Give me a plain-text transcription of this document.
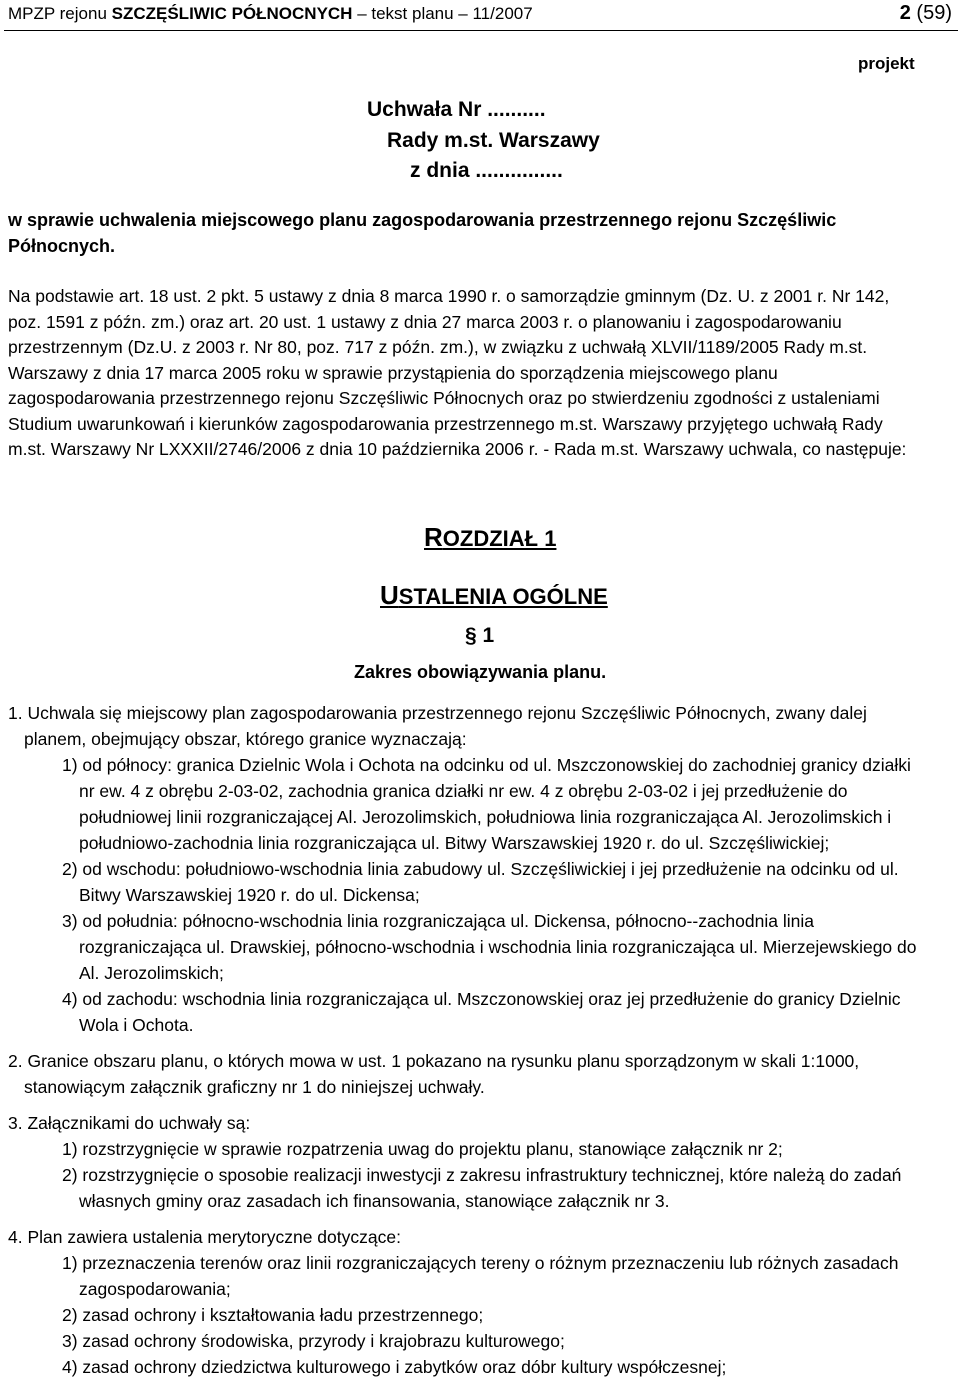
MPZP rejonu SZCZĘŚLIWIC PÓŁNOCNYCH – tekst planu – 11/2007	2 (59)
projekt
Uchwała Nr ..........
Rady m.st. Warszawy
z dnia ...............
w sprawie uchwalenia miejscowego planu zagospodarowania przestrzennego rejonu Szczęśliwic
Północnych.
Na podstawie art. 18 ust. 2 pkt. 5 ustawy z dnia 8 marca 1990 r. o samorządzie gminnym (Dz. U. z 2001 r. Nr 142,
poz. 1591 z późn. zm.) oraz art. 20 ust. 1 ustawy z dnia 27 marca 2003 r. o planowaniu i zagospodarowaniu
przestrzennym (Dz.U. z 2003 r. Nr 80, poz. 717 z późn. zm.), w związku z uchwałą XLVII/1189/2005 Rady m.st.
Warszawy z dnia 17 marca 2005 roku w sprawie przystąpienia do sporządzenia miejscowego planu
zagospodarowania przestrzennego rejonu Szczęśliwic Północnych oraz po stwierdzeniu zgodności z ustaleniami
Studium uwarunkowań i kierunków zagospodarowania przestrzennego m.st. Warszawy przyjętego uchwałą Rady
m.st. Warszawy Nr LXXXII/2746/2006 z dnia 10 października 2006 r. - Rada m.st. Warszawy uchwala, co następuje:
ROZDZIAŁ 1
USTALENIA OGÓLNE
§ 1
Zakres obowiązywania planu.
1. Uchwala się miejscowy plan zagospodarowania przestrzennego rejonu Szczęśliwic Północnych, zwany dalej
planem, obejmujący obszar, którego granice wyznaczają:
1) od północy: granica Dzielnic Wola i Ochota na odcinku od ul. Mszczonowskiej do zachodniej granicy działki
nr ew. 4 z obrębu 2-03-02, zachodnia granica działki nr ew. 4 z obrębu 2-03-02 i jej przedłużenie do
południowej linii rozgraniczającej Al. Jerozolimskich, południowa linia rozgraniczająca Al. Jerozolimskich i
południowo-zachodnia linia rozgraniczająca ul. Bitwy Warszawskiej 1920 r. do ul. Szczęśliwickiej;
2) od wschodu: południowo-wschodnia linia zabudowy ul. Szczęśliwickiej i jej przedłużenie na odcinku od ul.
Bitwy Warszawskiej 1920 r. do ul. Dickensa;
3) od południa: północno-wschodnia linia rozgraniczająca ul. Dickensa, północno--zachodnia linia
rozgraniczająca ul. Drawskiej, północno-wschodnia i wschodnia linia rozgraniczająca ul. Mierzejewskiego do
Al. Jerozolimskich;
4) od zachodu: wschodnia linia rozgraniczająca ul. Mszczonowskiej oraz jej przedłużenie do granicy Dzielnic
Wola i Ochota.
2. Granice obszaru planu, o których mowa w ust. 1 pokazano na rysunku planu sporządzonym w skali 1:1000,
stanowiącym załącznik graficzny nr 1 do niniejszej uchwały.
3. Załącznikami do uchwały są:
1) rozstrzygnięcie w sprawie rozpatrzenia uwag do projektu planu, stanowiące załącznik nr 2;
2) rozstrzygnięcie o sposobie realizacji inwestycji z zakresu infrastruktury technicznej, które należą do zadań
własnych gminy oraz zasadach ich finansowania, stanowiące załącznik nr 3.
4. Plan zawiera ustalenia merytoryczne dotyczące:
1) przeznaczenia terenów oraz linii rozgraniczających tereny o różnym przeznaczeniu lub różnych zasadach
zagospodarowania;
2) zasad ochrony i kształtowania ładu przestrzennego;
3) zasad ochrony środowiska, przyrody i krajobrazu kulturowego;
4) zasad ochrony dziedzictwa kulturowego i zabytków oraz dóbr kultury współczesnej;
